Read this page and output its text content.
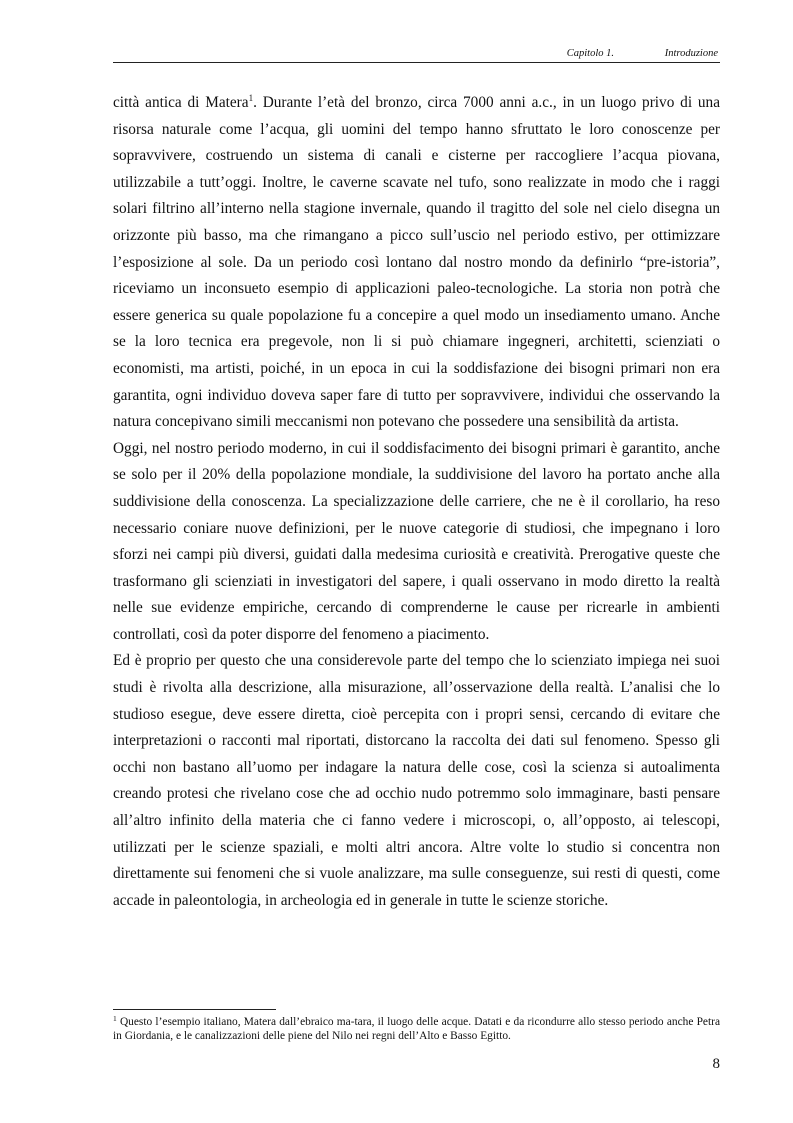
Capitolo 1.	Introduzione

città antica di Matera$^1$. Durante l’età del bronzo, circa 7000 anni a.c., in un luogo privo di una risorsa naturale come l’acqua, gli uomini del tempo hanno sfruttato le loro conoscenze per sopravvivere, costruendo un sistema di canali e cisterne per raccogliere l’acqua piovana, utilizzabile a tutt’oggi. Inoltre, le caverne scavate nel tufo, sono realizzate in modo che i raggi solari filtrino all’interno nella stagione invernale, quando il tragitto del sole nel cielo disegna un orizzonte più basso, ma che rimangano a picco sull’uscio nel periodo estivo, per ottimizzare l’esposizione al sole. Da un periodo così lontano dal nostro mondo da definirlo “pre-istoria”, riceviamo un inconsueto esempio di applicazioni paleo-tecnologiche. La storia non potrà che essere generica su quale popolazione fu a concepire a quel modo un insediamento umano. Anche se la loro tecnica era pregevole, non li si può chiamare ingegneri, architetti, scienziati o economisti, ma artisti, poiché, in un epoca in cui la soddisfazione dei bisogni primari non era garantita, ogni individuo doveva saper fare di tutto per sopravvivere, individui che osservando la natura concepivano simili meccanismi non potevano che possedere una sensibilità da artista.

Oggi, nel nostro periodo moderno, in cui il soddisfacimento dei bisogni primari è garantito, anche se solo per il 20% della popolazione mondiale, la suddivisione del lavoro ha portato anche alla suddivisione della conoscenza. La specializzazione delle carriere, che ne è il corollario, ha reso necessario coniare nuove definizioni, per le nuove categorie di studiosi, che impegnano i loro sforzi nei campi più diversi, guidati dalla medesima curiosità e creatività. Prerogative queste che trasformano gli scienziati in investigatori del sapere, i quali osservano in modo diretto la realtà nelle sue evidenze empiriche, cercando di comprenderne le cause per ricrearle in ambienti controllati, così da poter disporre del fenomeno a piacimento.

Ed è proprio per questo che una considerevole parte del tempo che lo scienziato impiega nei suoi studi è rivolta alla descrizione, alla misurazione, all’osservazione della realtà. L’analisi che lo studioso esegue, deve essere diretta, cioè percepita con i propri sensi, cercando di evitare che interpretazioni o racconti mal riportati, distorcano la raccolta dei dati sul fenomeno. Spesso gli occhi non bastano all’uomo per indagare la natura delle cose, così la scienza si autoalimenta creando protesi che rivelano cose che ad occhio nudo potremmo solo immaginare, basti pensare all’altro infinito della materia che ci fanno vedere i microscopi, o, all’opposto, ai telescopi, utilizzati per le scienze spaziali, e molti altri ancora. Altre volte lo studio si concentra non direttamente sui fenomeni che si vuole analizzare, ma sulle conseguenze, sui resti di questi, come accade in paleontologia, in archeologia ed in generale in tutte le scienze storiche.

$^1$ Questo l’esempio italiano, Matera dall’ebraico ma-tara, il luogo delle acque. Datati e da ricondurre allo stesso periodo anche Petra in Giordania, e le canalizzazioni delle piene del Nilo nei regni dell’Alto e Basso Egitto.
8
